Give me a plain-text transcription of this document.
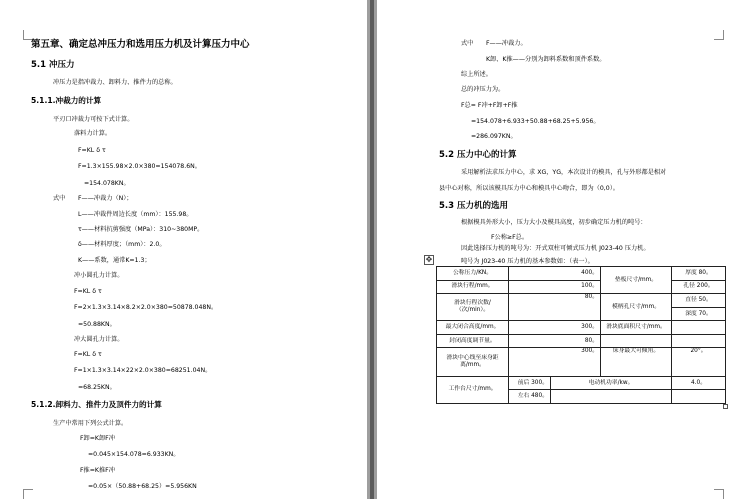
第五章、确定总冲压力和选用压力机及计算压力中心
5.1 冲压力
冲压力是指冲裁力、卸料力、推件力的总称。
5.1.1.冲裁力的计算
平刃口冲裁力可按下式计算。
落料力计算。
F=KL δ τ
F=1.3×155.98×2.0×380=154078.6N。
=154.078KN。
式中 F——冲裁力（N）；
L——冲裁件周边长度（mm）：155.98。
τ——材料抗剪强度（MPa）：310~380MP。
δ——材料厚度；（mm）：2.0。
K——系数，通常K=1.3；
冲小圆孔力计算。
F=KL δ τ
F=2×1.3×3.14×8.2×2.0×380=50878.048N。
=50.88KN。
冲大圆孔力计算。
F=KL δ τ
F=1×1.3×3.14×22×2.0×380=68251.04N。
=68.25KN。
5.1.2.卸料力、推件力及顶件力的计算
生产中常用下列公式计算。
F卸=K卸F冲
=0.045×154.078=6.933KN。
F推=K推F冲
=0.05×（50.88+68.25）=5.956KN
式中 F——冲裁力。
K卸、K推——分别为卸料系数和顶件系数。
综上所述。
总的冲压力为。
F总= F冲+F卸+F推
=154.078+6.933+50.88+68.25+5.956。
=286.097KN。
5.2 压力中心的计算
采用解析法求压力中心，求 XG，YG，本次设计的模具，孔与外形都是相对
县中心对称，所以该模具压力中心和模具中心吻合，即为（0,0）。
5.3 压力机的选用
根据模具外形大小，压力大小及模具高度，初步确定压力机的吨号：
F公称≥F总。
因此选择压力机的吨号为：开式双柱可倾式压力机 J023-40 压力机。
吨号为 J023-40 压力机的基本参数如：（表一）。
✥
公称压力/KN。	400。		垫板尺寸/mm。	厚度 80。
滑块行程/mm。	100。			孔径 200。
滑块行程次数/（次/min）。	80。		模柄孔尺寸/mm。	直径 50。
				深度 70。
最大闭合高度/mm。	300。		滑块底面积尺寸/mm。	
封闭高度调节量。	80。			
滑块中心线至床身距离/mm。	300。		床身最大可倾角。	20°。
工作台尺寸/mm。	前后 300。	电动机功率/kw。		4.0。
	左右 480。			
